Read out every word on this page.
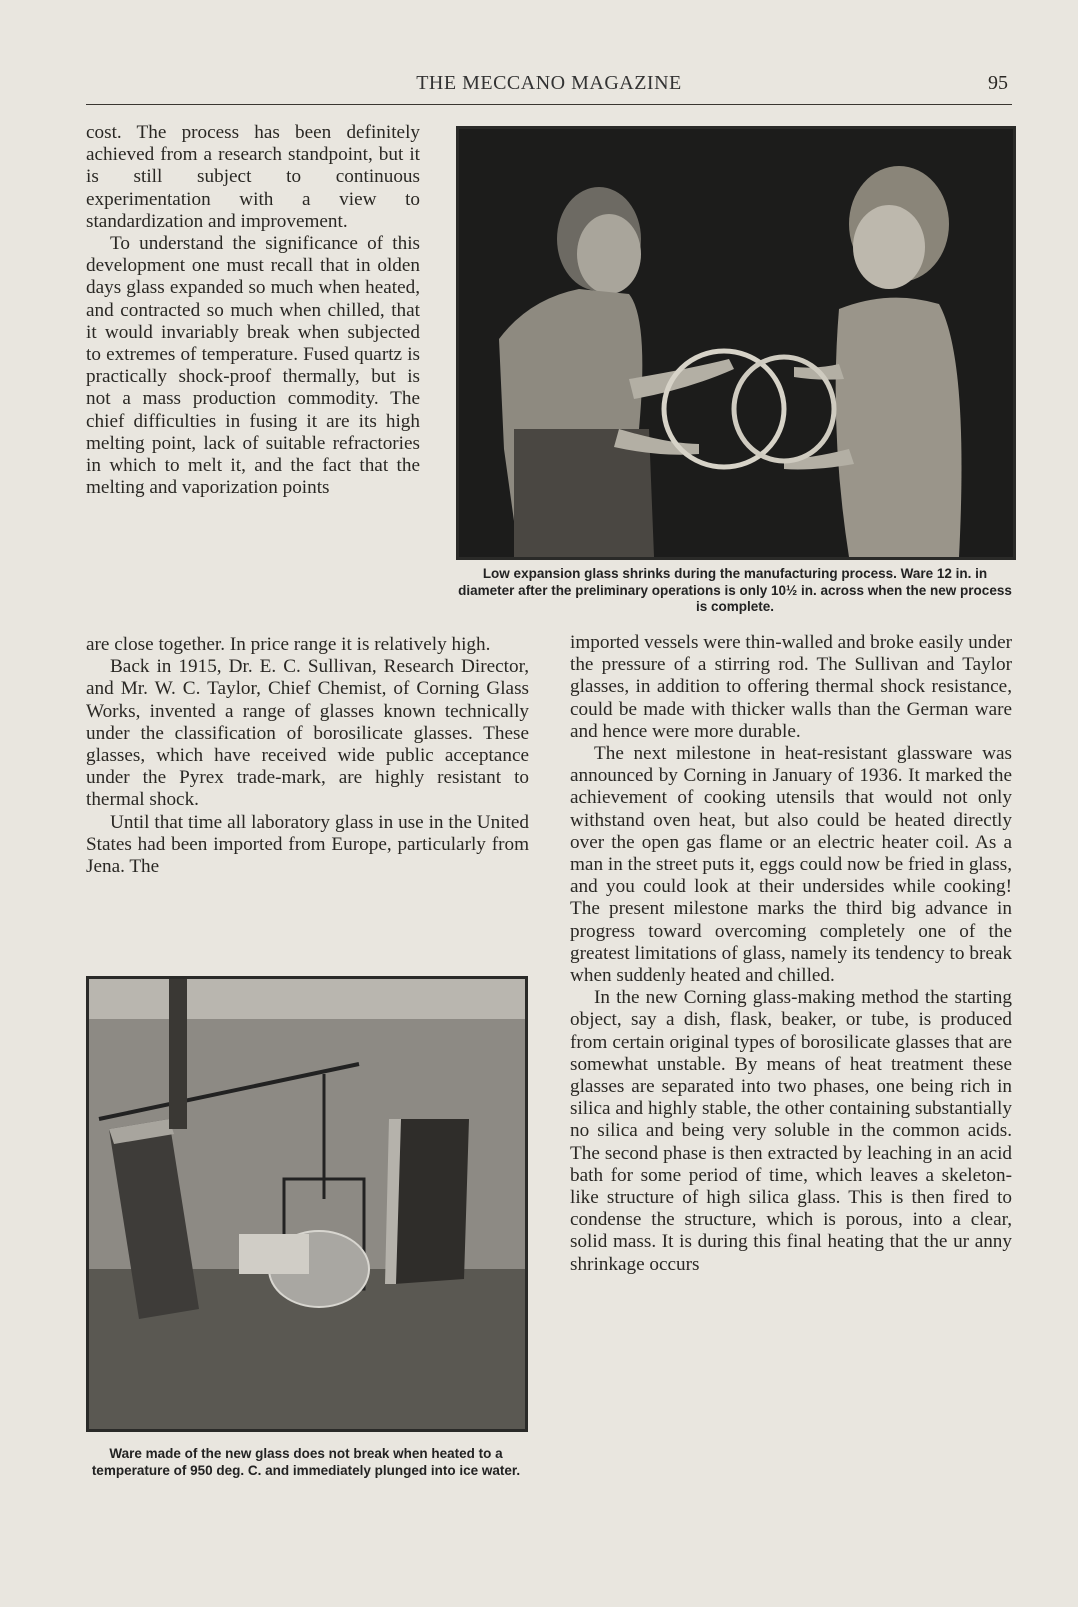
THE MECCANO MAGAZINE	95

cost. The process has been definitely achieved from a research standpoint, but it is still subject to continuous experimentation with a view to standardization and improvement.

To understand the significance of this development one must recall that in olden days glass expanded so much when heated, and contracted so much when chilled, that it would invariably break when subjected to extremes of temperature. Fused quartz is practically shock-proof thermally, but is not a mass production commodity. The chief difficulties in fusing it are its high melting point, lack of suitable refractories in which to melt it, and the fact that the melting and vaporization points

are close together. In price range it is relatively high.

Back in 1915, Dr. E. C. Sullivan, Research Director, and Mr. W. C. Taylor, Chief Chemist, of Corning Glass Works, invented a range of glasses known technically under the classification of borosilicate glasses. These glasses, which have received wide public acceptance under the Pyrex trade-mark, are highly resistant to thermal shock.

Until that time all laboratory glass in use in the United States had been imported from Europe, particularly from Jena. The

Low expansion glass shrinks during the manufacturing process. Ware 12 in. in diameter after the preliminary operations is only 10½ in. across when the new process is complete.
Ware made of the new glass does not break when heated to a temperature of 950 deg. C. and immediately plunged into ice water.

imported vessels were thin-walled and broke easily under the pressure of a stirring rod. The Sullivan and Taylor glasses, in addition to offering thermal shock resistance, could be made with thicker walls than the German ware and hence were more durable.

The next milestone in heat-resistant glassware was announced by Corning in January of 1936. It marked the achievement of cooking utensils that would not only withstand oven heat, but also could be heated directly over the open gas flame or an electric heater coil. As a man in the street puts it, eggs could now be fried in glass, and you could look at their undersides while cooking! The present milestone marks the third big advance in progress toward overcoming completely one of the greatest limitations of glass, namely its tendency to break when suddenly heated and chilled.

In the new Corning glass-making method the starting object, say a dish, flask, beaker, or tube, is produced from certain original types of borosilicate glasses that are somewhat unstable. By means of heat treatment these glasses are separated into two phases, one being rich in silica and highly stable, the other containing substantially no silica and being very soluble in the common acids. The second phase is then extracted by leaching in an acid bath for some period of time, which leaves a skeleton-like structure of high silica glass. This is then fired to condense the structure, which is porous, into a clear, solid mass. It is during this final heating that the ur anny shrinkage occurs
